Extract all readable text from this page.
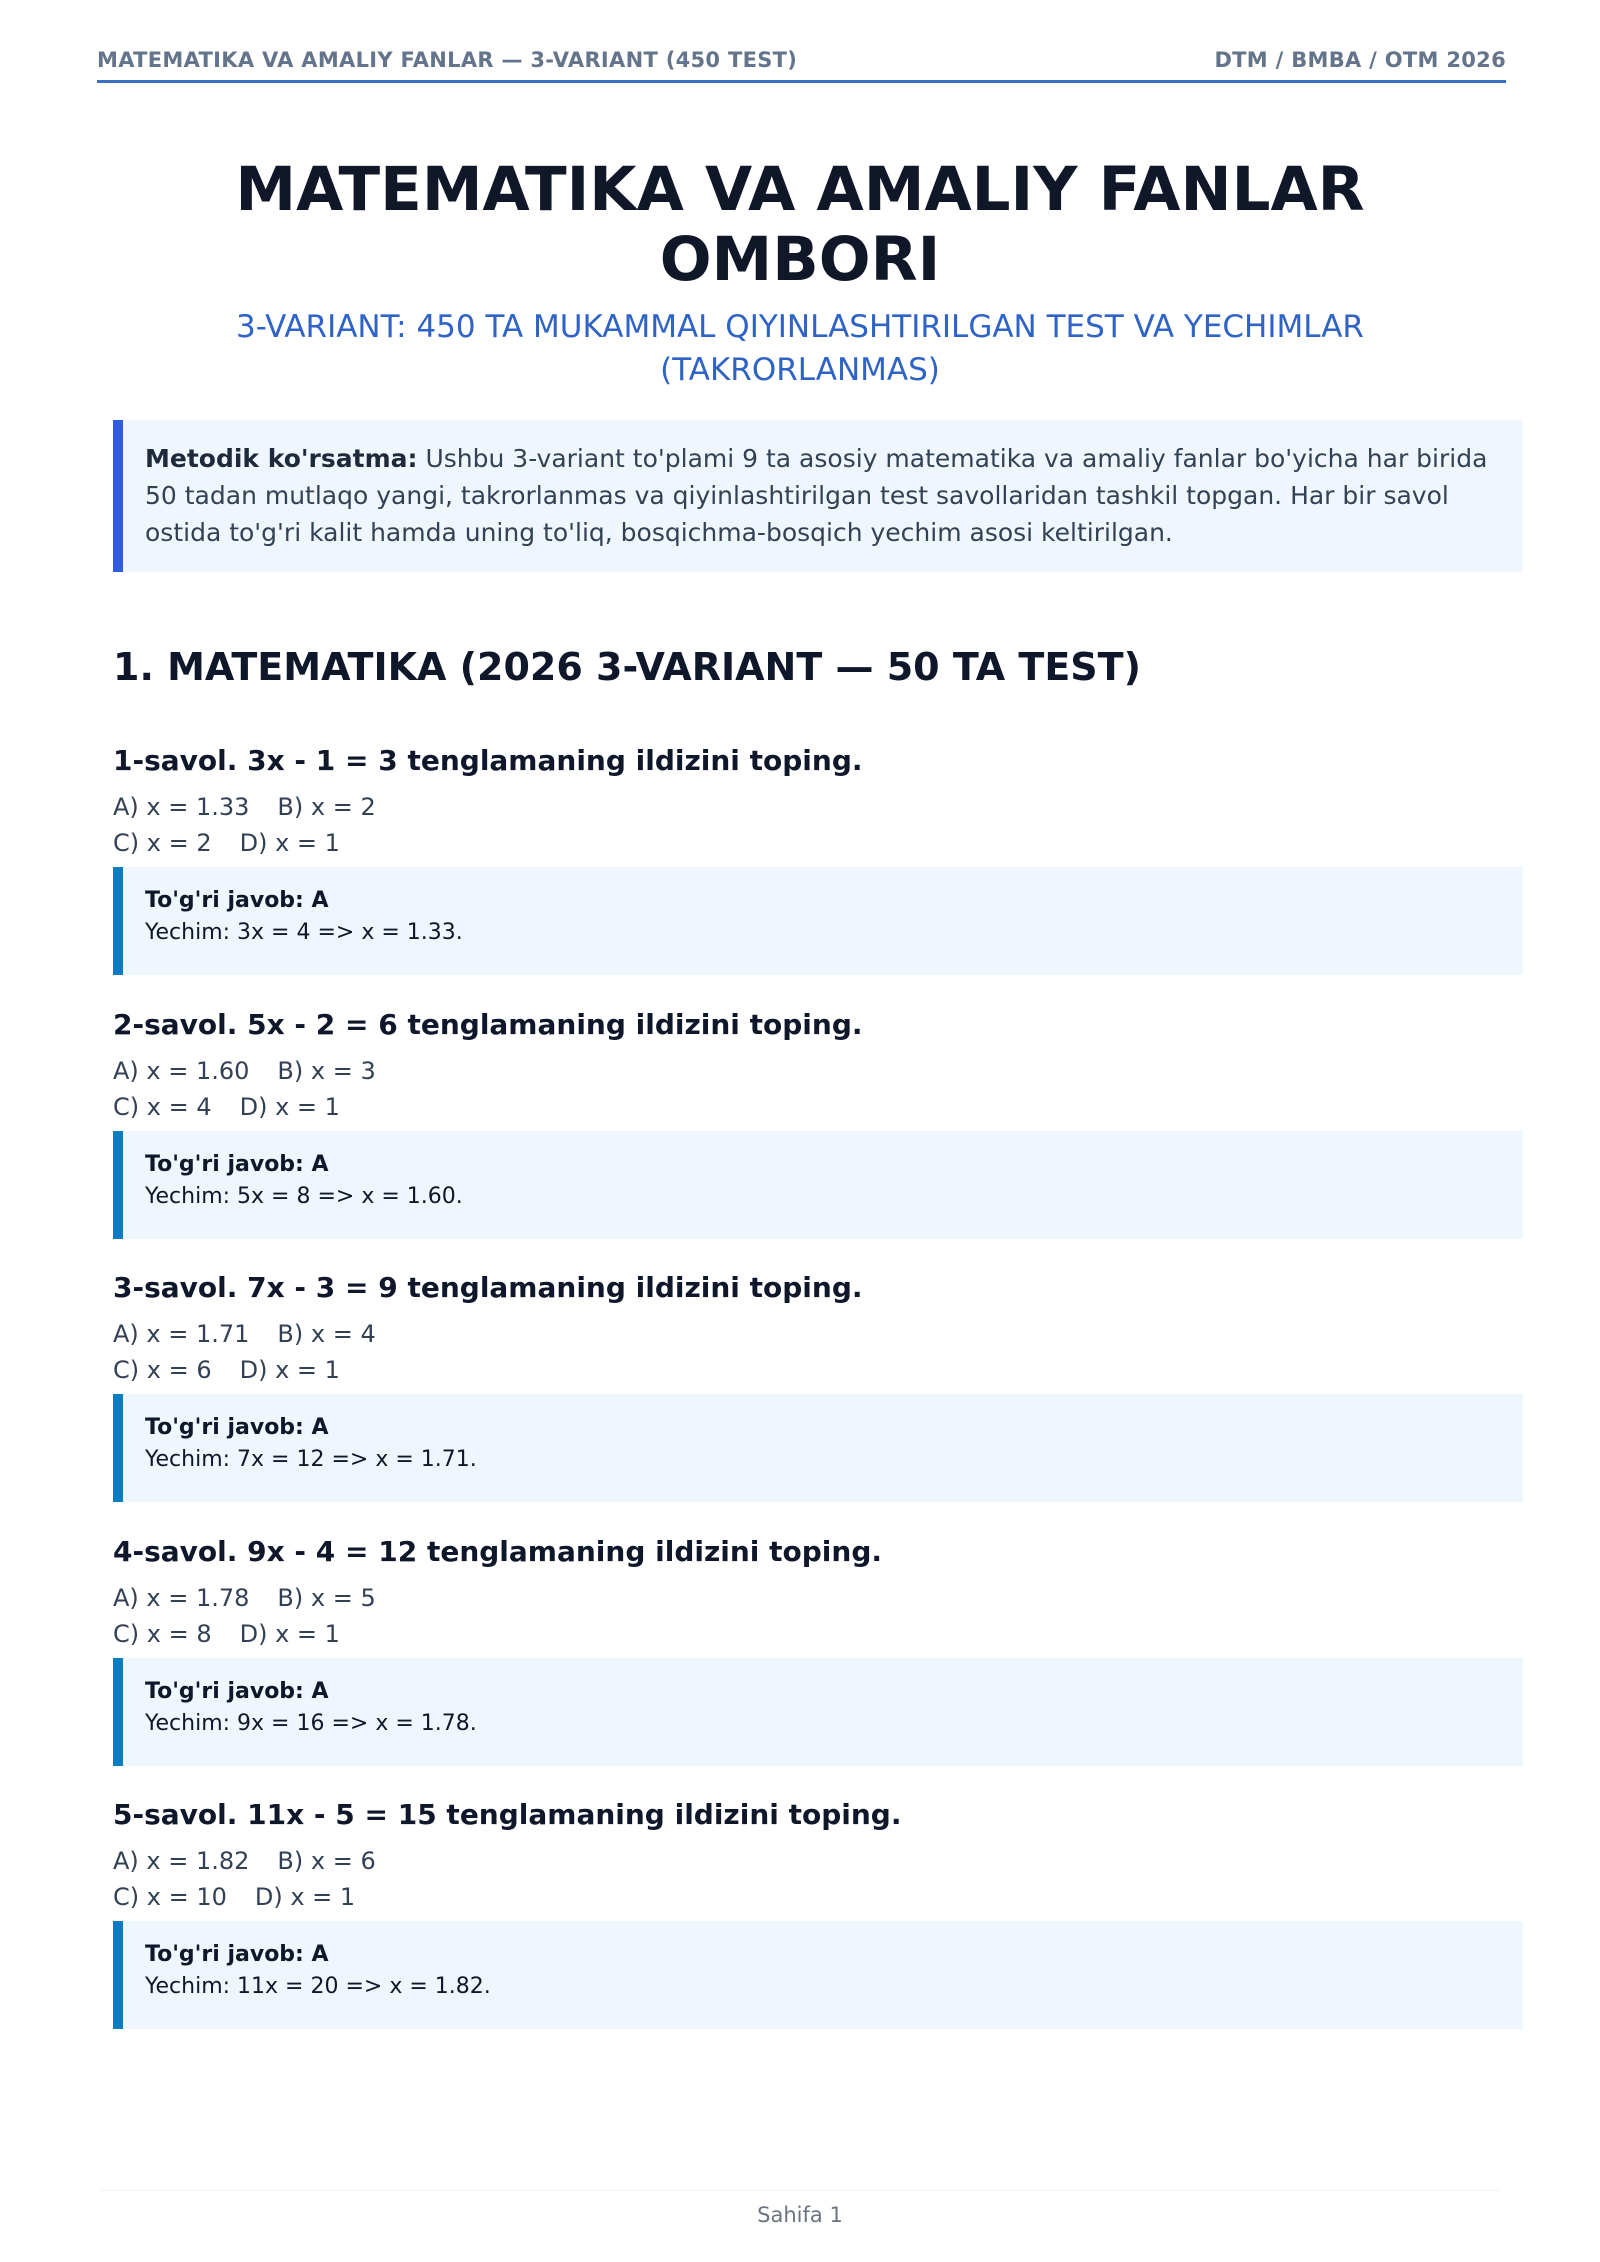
MATEMATIKA VA AMALIY FANLAR — 3-VARIANT (450 TEST)	DTM / BMBA / OTM 2026
MATEMATIKA VA AMALIY FANLAR
OMBORI

3-VARIANT: 450 TA MUKAMMAL QIYINLASHTIRILGAN TEST VA YECHIMLAR
(TAKRORLANMAS)

Metodik ko'rsatma: Ushbu 3-variant to'plami 9 ta asosiy matematika va amaliy fanlar bo'yicha har birida 50 tadan mutlaqo yangi, takrorlanmas va qiyinlashtirilgan test savollaridan tashkil topgan. Har bir savol ostida to'g'ri kalit hamda uning to'liq, bosqichma-bosqich yechim asosi keltirilgan.
1. MATEMATIKA (2026 3-VARIANT — 50 TA TEST)
1-savol. 3x - 1 = 3 tenglamaning ildizini toping.
A) x = 1.33 B) x = 2
C) x = 2 D) x = 1
To'g'ri javob: A
Yechim: 3x = 4 => x = 1.33.
2-savol. 5x - 2 = 6 tenglamaning ildizini toping.
A) x = 1.60 B) x = 3
C) x = 4 D) x = 1
To'g'ri javob: A
Yechim: 5x = 8 => x = 1.60.
3-savol. 7x - 3 = 9 tenglamaning ildizini toping.
A) x = 1.71 B) x = 4
C) x = 6 D) x = 1
To'g'ri javob: A
Yechim: 7x = 12 => x = 1.71.
4-savol. 9x - 4 = 12 tenglamaning ildizini toping.
A) x = 1.78 B) x = 5
C) x = 8 D) x = 1
To'g'ri javob: A
Yechim: 9x = 16 => x = 1.78.
5-savol. 11x - 5 = 15 tenglamaning ildizini toping.
A) x = 1.82 B) x = 6
C) x = 10 D) x = 1
To'g'ri javob: A
Yechim: 11x = 20 => x = 1.82.
Sahifa 1
